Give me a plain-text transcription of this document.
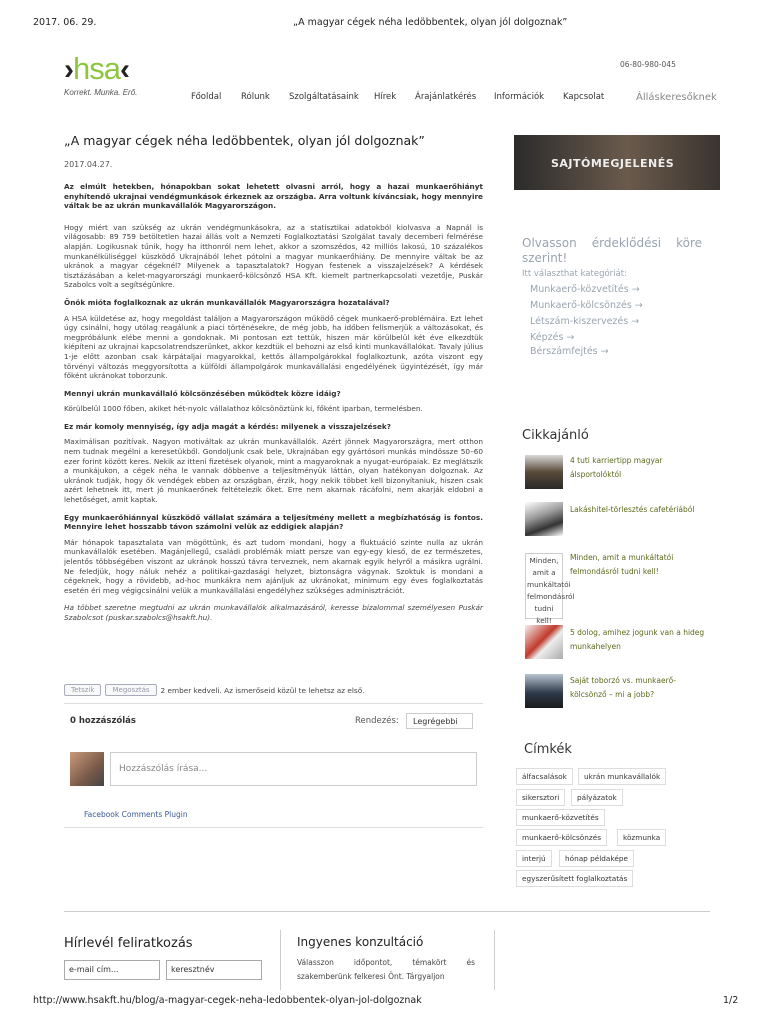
2017. 06. 29.	„A magyar cégek néha ledöbbentek, olyan jól dolgoznak”
›hsa‹
Korrekt. Munka. Erő.
06-80-980-045
Főoldal Rólunk Szolgáltatásaink Hírek Árajánlatkérés Információk Kapcsolat	Álláskeresőknek
„A magyar cégek néha ledöbbentek, olyan jól dolgoznak”
2017.04.27.

Az elmúlt hetekben, hónapokban sokat lehetett olvasni arról, hogy a hazai munkaerőhiányt enyhítendő ukrajnai vendégmunkások érkeznek az országba. Arra voltunk kíváncsiak, hogy mennyire váltak be az ukrán munkavállalók Magyarországon.

Hogy miért van szükség az ukrán vendégmunkásokra, az a statisztikai adatokból kiolvasva a Napnál is világosabb: 89 759 betöltetlen hazai állás volt a Nemzeti Foglalkoztatási Szolgálat tavaly decemberi felmérése alapján. Logikusnak tűnik, hogy ha itthonról nem lehet, akkor a szomszédos, 42 milliós lakosú, 10 százalékos munkanélküliséggel küszködő Ukrajnából lehet pótolni a magyar munkaerőhiány. De mennyire váltak be az ukránok a magyar cégeknél? Milyenek a tapasztalatok? Hogyan festenek a visszajelzések? A kérdések tisztázásában a kelet-magyarországi munkaerő-kölcsönző HSA Kft. kiemelt partnerkapcsolati vezetője, Puskár Szabolcs volt a segítségünkre.

Önök mióta foglalkoznak az ukrán munkavállalók Magyarországra hozatalával?

A HSA küldetése az, hogy megoldást találjon a Magyarországon működő cégek munkaerő-problémáira. Ezt lehet úgy csinálni, hogy utólag reagálunk a piaci történésekre, de még jobb, ha időben felismerjük a változásokat, és megpróbálunk elébe menni a gondoknak. Mi pontosan ezt tettük, hiszen már körülbelül két éve elkezdtük kiépíteni az ukrajnai kapcsolatrendszerünket, akkor kezdtük el behozni az első kinti munkavállalókat. Tavaly július 1-je előtt azonban csak kárpátaljai magyarokkal, kettős állampolgárokkal foglalkoztunk, azóta viszont egy törvényi változás meggyorsította a külföldi állampolgárok munkavállalási engedélyének ügyintézését, így már főként ukránokat toborzunk.

Mennyi ukrán munkavállaló kölcsönzésében működtek közre idáig?

Körülbelül 1000 főben, akiket hét-nyolc vállalathoz kölcsönöztünk ki, főként iparban, termelésben.

Ez már komoly mennyiség, így adja magát a kérdés: milyenek a visszajelzések?

Maximálisan pozitívak. Nagyon motiváltak az ukrán munkavállalók. Azért jönnek Magyarországra, mert otthon nem tudnak megélni a keresetükből. Gondoljunk csak bele, Ukrajnában egy gyártósori munkás mindössze 50–60 ezer forint között keres. Nekik az itteni fizetések olyanok, mint a magyaroknak a nyugat-európaiak. Ez meglátszik a munkájukon, a cégek néha le vannak döbbenve a teljesítményük láttán, olyan hatékonyan dolgoznak. Az ukránok tudják, hogy ők vendégek ebben az országban, érzik, hogy nekik többet kell bizonyítaniuk, hiszen csak azért lehetnek itt, mert jó munkaerőnek feltételezik őket. Erre nem akarnak rácáfolni, nem akarják eldobni a lehetőséget, amit kaptak.

Egy munkaerőhiánnyal küszködő vállalat számára a teljesítmény mellett a megbízhatóság is fontos. Mennyire lehet hosszabb távon számolni velük az eddigiek alapján?

Már hónapok tapasztalata van mögöttünk, és azt tudom mondani, hogy a fluktuáció szinte nulla az ukrán munkavállalók esetében. Magánjellegű, családi problémák miatt persze van egy-egy kieső, de ez természetes, jelentős többségében viszont az ukránok hosszú távra terveznek, nem akarnak egyik helyről a másikra ugrálni. Ne feledjük, hogy náluk nehéz a politikai-gazdasági helyzet, biztonságra vágynak. Szoktuk is mondani a cégeknek, hogy a rövidebb, ad-hoc munkákra nem ajánljuk az ukránokat, minimum egy éves foglalkoztatás esetén éri meg végigcsinálni velük a munkavállalási engedélyhez szükséges adminisztrációt.

Ha többet szeretne megtudni az ukrán munkavállalók alkalmazásáról, keresse bizalommal személyesen Puskár Szabolcsot (puskar.szabolcs@hsakft.hu).

Tetszik	Megosztás	2 ember kedveli. Az ismerőseid közül te lehetsz az első.
0 hozzászólás	Rendezés:	Legrégebbi
Hozzászólás írása...
Facebook Comments Plugin
SAJTÓMEGJELENÉS
Olvasson érdeklődési köre szerint!
Itt választhat kategóriát:
Munkaerő-közvetítés →
Munkaerő-kölcsönzés →
Létszám-kiszervezés →
Képzés →
Bérszámfejtés →
Cikkajánló
4 tuti karriertipp magyar álsportolóktól
Lakáshitel-törlesztés cafetériából
Minden, amit a munkáltatói felmondásról tudni kell!
Minden, amit a munkáltatói felmondásról tudni kell!
5 dolog, amihez jogunk van a hideg munkahelyen
Saját toborzó vs. munkaerő-kölcsönző – mi a jobb?
Címkék
álfacsalások	ukrán munkavállalók
sikersztori	pályázatok
munkaerő-közvetítés
munkaerő-kölcsönzés	közmunka
interjú	hónap példaképe
egyszerűsített foglalkoztatás
Hírlevél feliratkozás
e-mail cím...	keresztnév
Ingyenes konzultáció
Válasszon időpontot, témakört és szakemberünk felkeresi Önt. Tárgyaljon
http://www.hsakft.hu/blog/a-magyar-cegek-neha-ledobbentek-olyan-jol-dolgoznak	1/2
